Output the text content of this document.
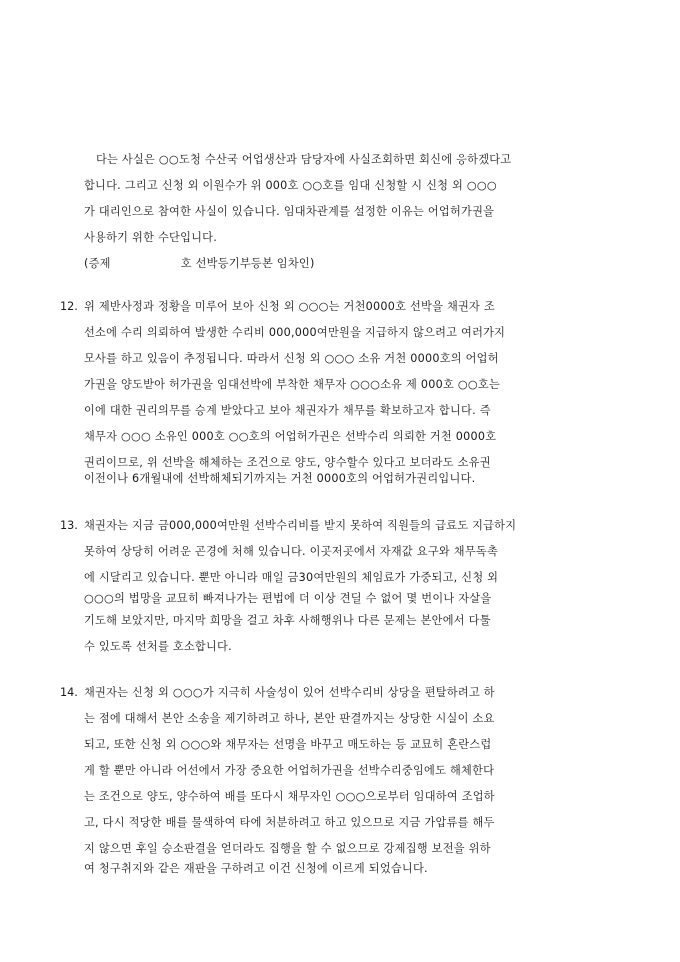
다는 사실은 ○○도청 수산국 어업생산과 담당자에 사실조회하면 회신에 응하겠다고
합니다. 그리고 신청 외 이원수가 위 000호 ○○호를 임대 신청할 시 신청 외 ○○○
가 대리인으로 참여한 사실이 있습니다. 임대차관계를 설정한 이유는 어업허가권을
사용하기 위한 수단입니다.
(증제	호 선박등기부등본 임차인)
12. 위 제반사정과 정황을 미루어 보아 신청 외 ○○○는 거천0000호 선박을 채권자 조
선소에 수리 의뢰하여 발생한 수리비 000,000여만원을 지급하지 않으려고 여러가지
모사를 하고 있음이 추정됩니다. 따라서 신청 외 ○○○ 소유 거천 0000호의 어업허
가권을 양도받아 허가권을 임대선박에 부착한 채무자 ○○○소유 제 000호 ○○호는
이에 대한 권리의무를 승계 받았다고 보아 채권자가 채무를 확보하고자 합니다. 즉
채무자 ○○○ 소유인 000호 ○○호의 어업허가권은 선박수리 의뢰한 거천 0000호
권리이므로, 위 선박을 해체하는 조건으로 양도, 양수할수 있다고 보더라도 소유권
이전이나 6개월내에 선박해체되기까지는 거천 0000호의 어업허가권리입니다.
13. 채권자는 지금 금000,000여만원 선박수리비를 받지 못하여 직원들의 급료도 지급하지
못하여 상당히 어려운 곤경에 처해 있습니다. 이곳저곳에서 자재값 요구와 채무독촉
에 시달리고 있습니다. 뿐만 아니라 매일 금30여만원의 체임료가 가중되고, 신청 외
○○○의 법망을 교묘히 빠져나가는 편법에 더 이상 견딜 수 없어 몇 번이나 자살을
기도해 보았지만, 마지막 희망을 걸고 차후 사해행위나 다른 문제는 본안에서 다툴
수 있도록 선처를 호소합니다.
14. 채권자는 신청 외 ○○○가 지극히 사술성이 있어 선박수리비 상당을 편탈하려고 하
는 점에 대해서 본안 소송을 제기하려고 하나, 본안 판결까지는 상당한 시실이 소요
되고, 또한 신청 외 ○○○와 채무자는 선명을 바꾸고 매도하는 등 교묘히 혼란스럽
게 할 뿐만 아니라 어선에서 가장 중요한 어업허가권을 선박수리중임에도 해체한다
는 조건으로 양도, 양수하여 배를 또다시 채무자인 ○○○으로부터 임대하여 조업하
고, 다시 적당한 배를 물색하여 타에 처분하려고 하고 있으므로 지금 가압류를 해두
지 않으면 후일 승소판결을 얻더라도 집행을 할 수 없으므로 강제집행 보전을 위하
여 청구취지와 같은 재판을 구하려고 이건 신청에 이르게 되었습니다.
